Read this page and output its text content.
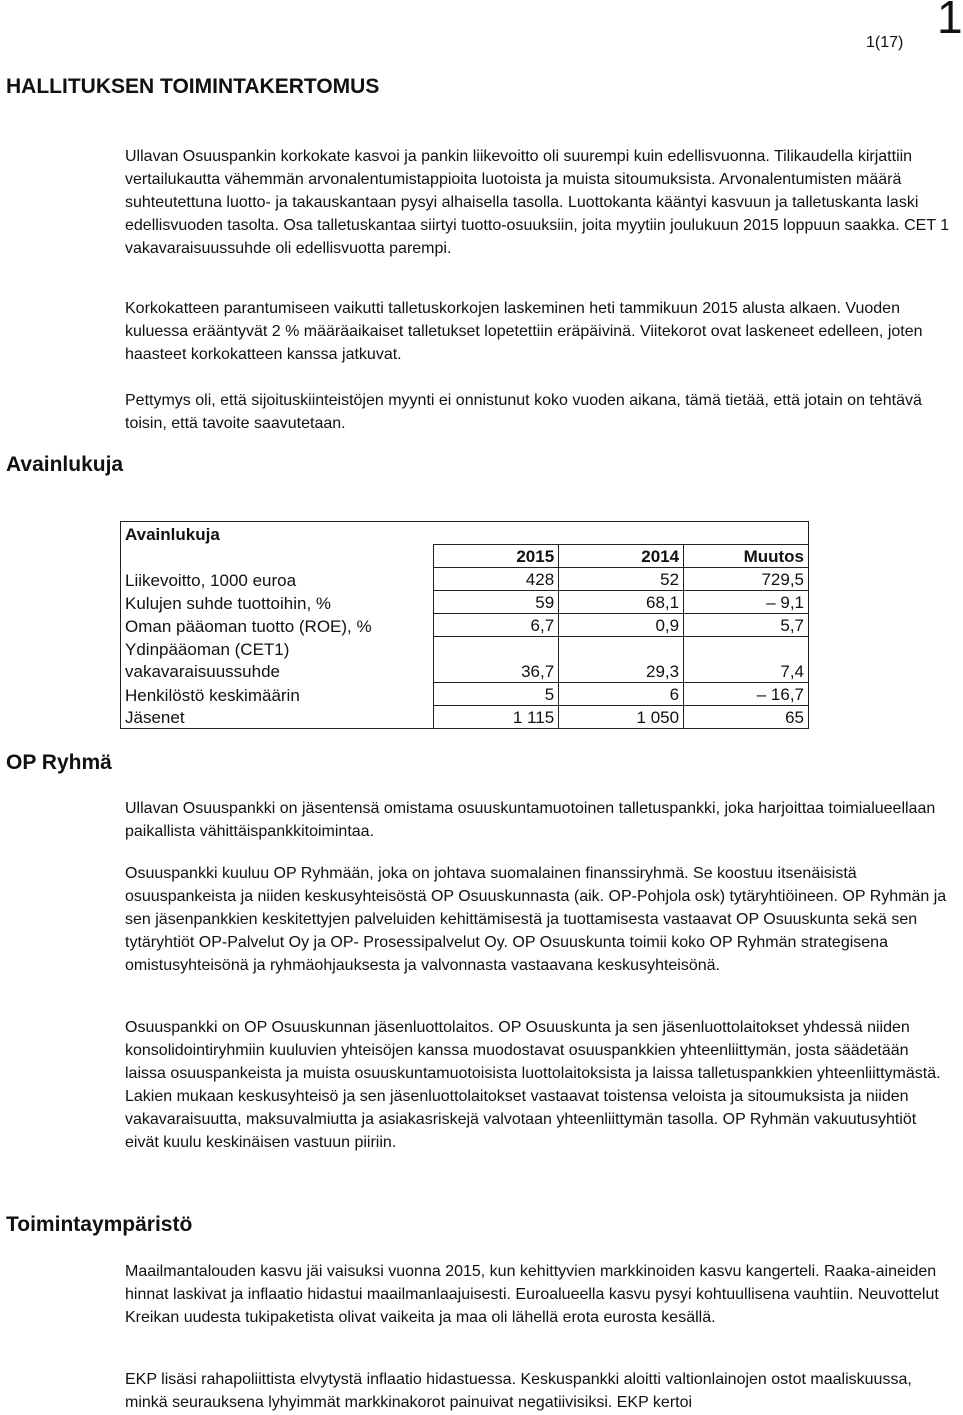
1(17) 1
HALLITUKSEN TOIMINTAKERTOMUS

Ullavan Osuuspankin korkokate kasvoi ja pankin liikevoitto oli suurempi kuin edellisvuonna. Tilikaudella kirjattiin vertailukautta vähemmän arvonalentumistappioita luotoista ja muista sitoumuksista. Arvonalentumisten määrä suhteutettuna luotto- ja takauskantaan pysyi alhaisella tasolla. Luottokanta kääntyi kasvuun ja talletuskanta laski edellisvuoden tasolta. Osa talletuskantaa siirtyi tuotto-osuuksiin, joita myytiin joulukuun 2015 loppuun saakka. CET 1 vakavaraisuussuhde oli edellisvuotta parempi.

Korkokatteen parantumiseen vaikutti talletuskorkojen laskeminen heti tammikuun 2015 alusta alkaen. Vuoden kuluessa erääntyvät 2 % määräaikaiset talletukset lopetettiin eräpäivinä. Viitekorot ovat laskeneet edelleen, joten haasteet korkokatteen kanssa jatkuvat.

Pettymys oli, että sijoituskiinteistöjen myynti ei onnistunut koko vuoden aikana, tämä tietää, että jotain on tehtävä toisin, että tavoite saavutetaan.

Avainlukuja
Avainlukuja			
	2015	2014	Muutos
Liikevoitto, 1000 euroa	428	52	729,5
Kulujen suhde tuottoihin, %	59	68,1	– 9,1
Oman pääoman tuotto (ROE), %	6,7	0,9	5,7
Ydinpääoman (CET1) vakavaraisuussuhde	36,7	29,3	7,4
Henkilöstö keskimäärin	5	6	– 16,7
Jäsenet	1 115	1 050	65
OP Ryhmä

Ullavan Osuuspankki on jäsentensä omistama osuuskuntamuotoinen talletuspankki, joka harjoittaa toimialueellaan paikallista vähittäispankkitoimintaa.

Osuuspankki kuuluu OP Ryhmään, joka on johtava suomalainen finanssiryhmä. Se koostuu itsenäisistä osuuspankeista ja niiden keskusyhteisöstä OP Osuuskunnasta (aik. OP-Pohjola osk) tytäryhtiöineen. OP Ryhmän ja sen jäsenpankkien keskitettyjen palveluiden kehittämisestä ja tuottamisesta vastaavat OP Osuuskunta sekä sen tytäryhtiöt OP-Palvelut Oy ja OP- Prosessipalvelut Oy. OP Osuuskunta toimii koko OP Ryhmän strategisena omistusyhteisönä ja ryhmäohjauksesta ja valvonnasta vastaavana keskusyhteisönä.

Osuuspankki on OP Osuuskunnan jäsenluottolaitos. OP Osuuskunta ja sen jäsenluottolaitokset yhdessä niiden konsolidointiryhmiin kuuluvien yhteisöjen kanssa muodostavat osuuspankkien yhteenliittymän, josta säädetään laissa osuuspankeista ja muista osuuskuntamuotoisista luottolaitoksista ja laissa talletuspankkien yhteenliittymästä. Lakien mukaan keskusyhteisö ja sen jäsenluottolaitokset vastaavat toistensa veloista ja sitoumuksista ja niiden vakavaraisuutta, maksuvalmiutta ja asiakasriskejä valvotaan yhteenliittymän tasolla. OP Ryhmän vakuutusyhtiöt eivät kuulu keskinäisen vastuun piiriin.

Toimintaympäristö

Maailmantalouden kasvu jäi vaisuksi vuonna 2015, kun kehittyvien markkinoiden kasvu kangerteli. Raaka-aineiden hinnat laskivat ja inflaatio hidastui maailmanlaajuisesti. Euroalueella kasvu pysyi kohtuullisena vauhtiin. Neuvottelut Kreikan uudesta tukipaketista olivat vaikeita ja maa oli lähellä erota eurosta kesällä.

EKP lisäsi rahapoliittista elvytystä inflaatio hidastuessa. Keskuspankki aloitti valtionlainojen ostot maaliskuussa, minkä seurauksena lyhyimmät markkinakorot painuivat negatiivisiksi. EKP kertoi
